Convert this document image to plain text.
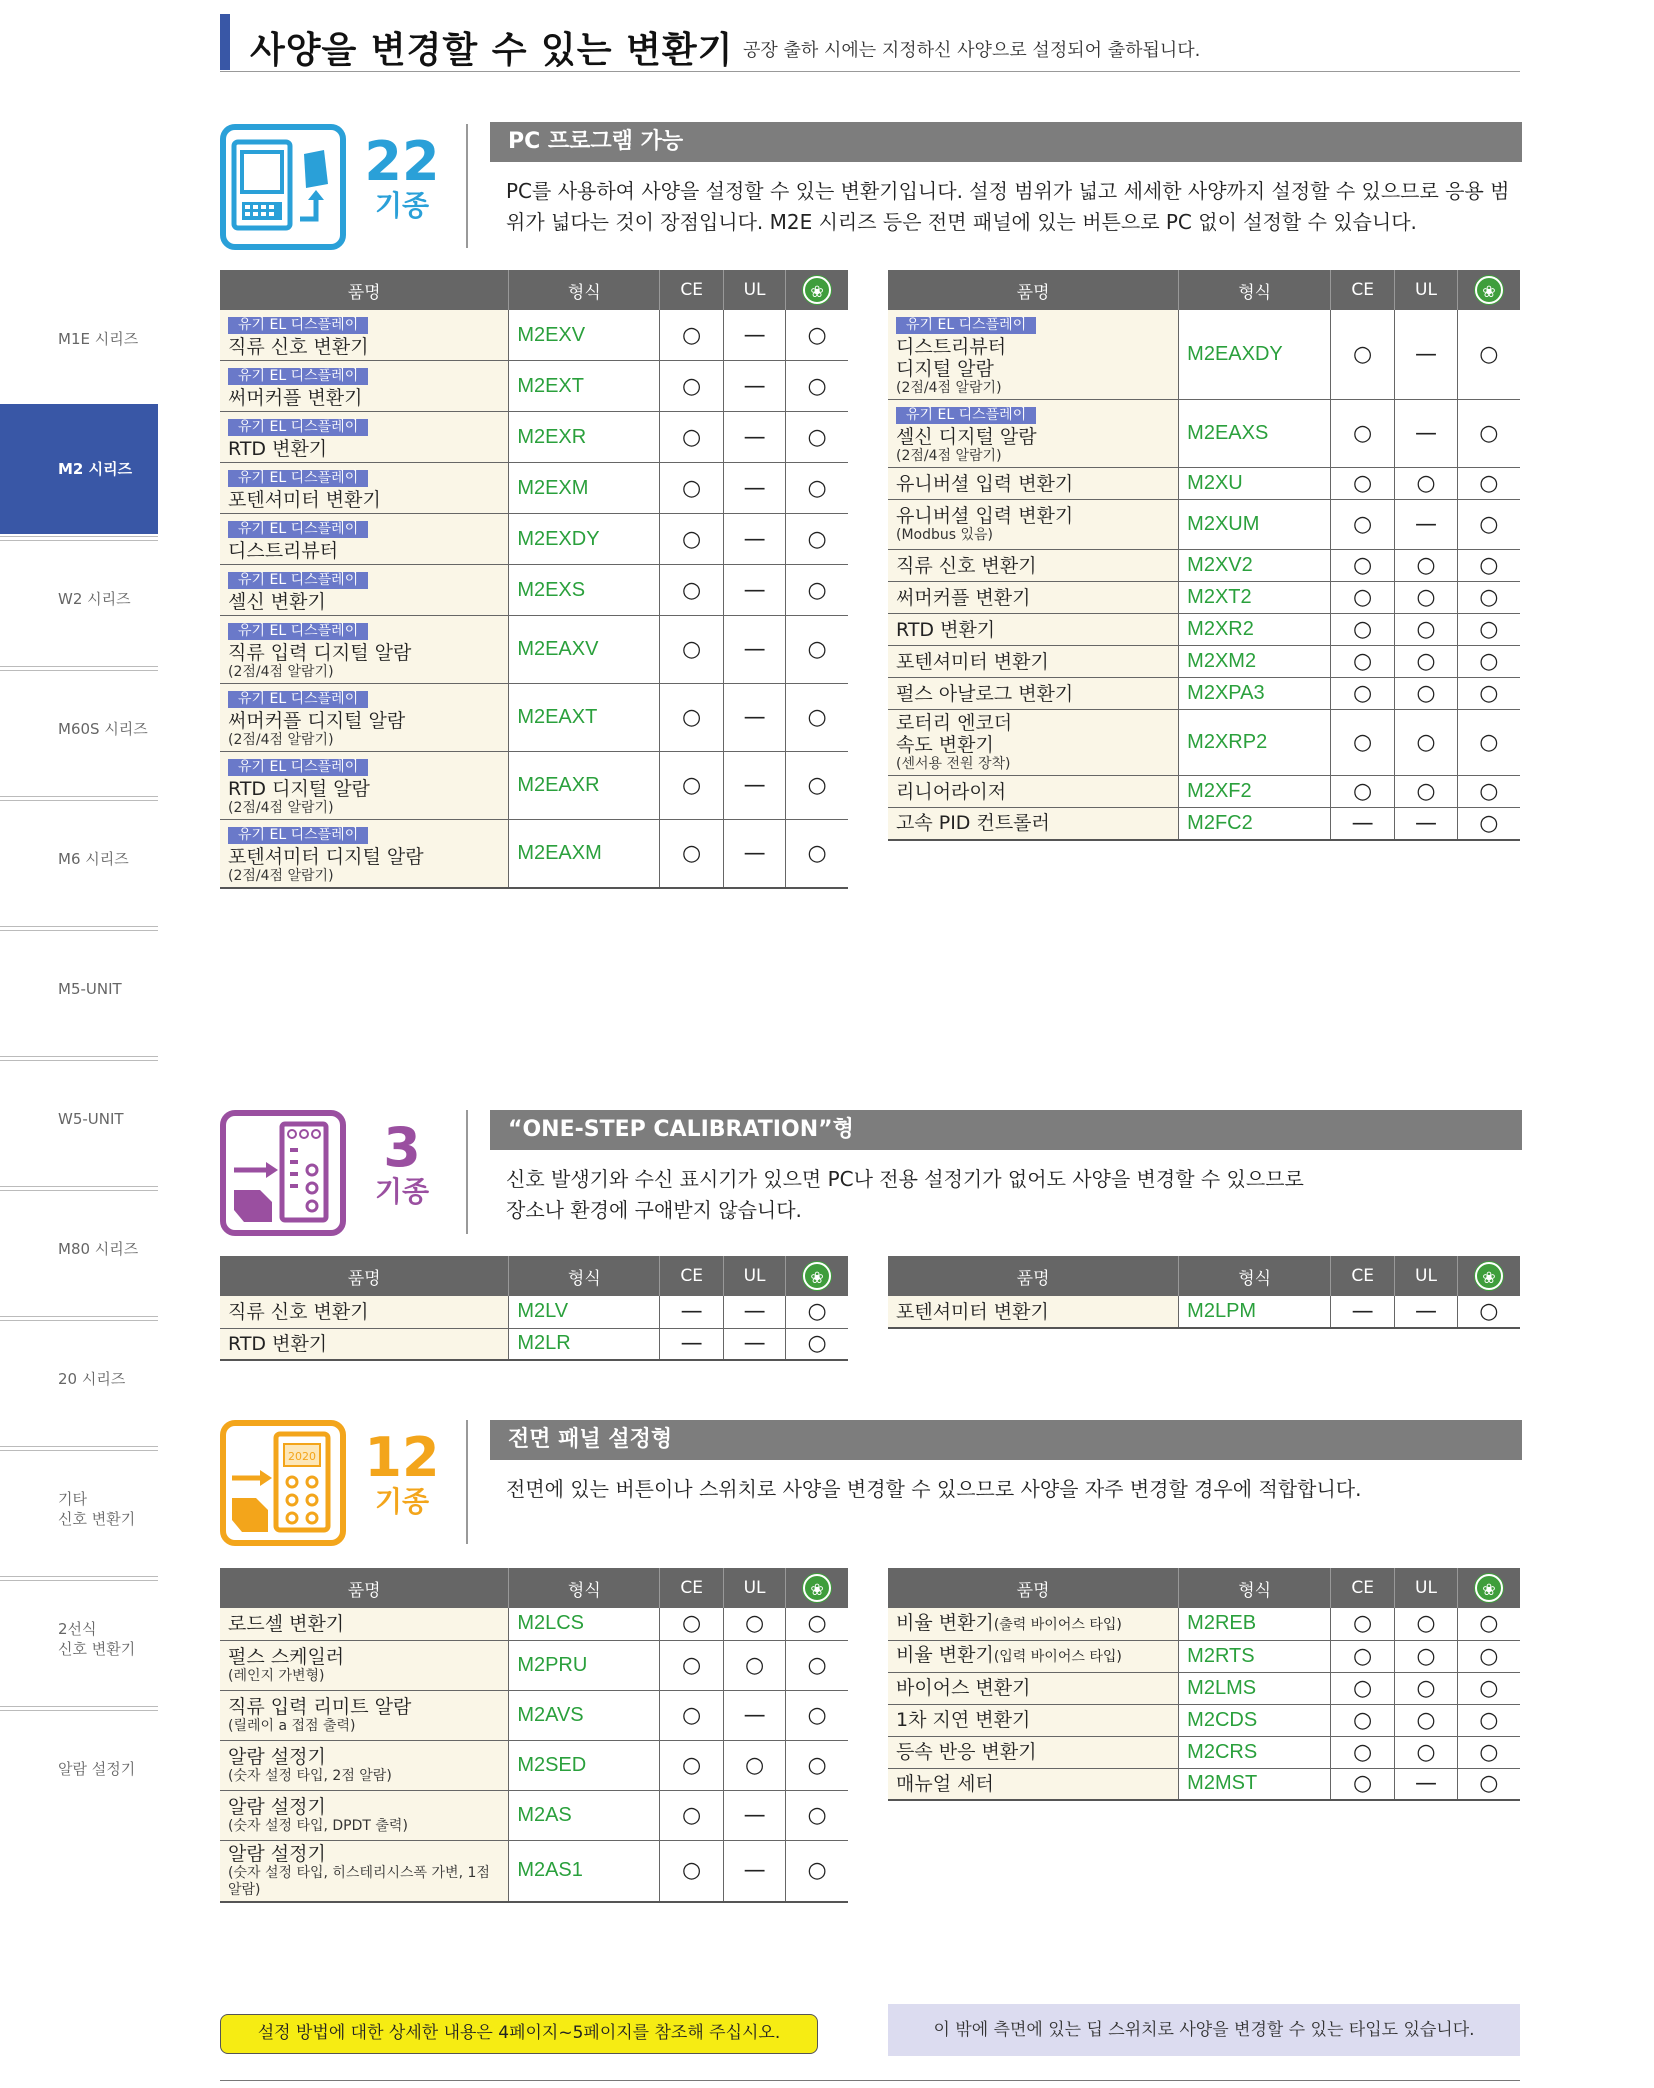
M1E 시리즈
M2 시리즈
W2 시리즈
M60S 시리즈
M6 시리즈
M5-UNIT
W5-UNIT
M80 시리즈
20 시리즈
기타
신호 변환기
2선식
신호 변환기
알람 설정기
사양을 변경할 수 있는 변환기 공장 출하 시에는 지정하신 사양으로 설정되어 출하됩니다.
22
기종
PC 프로그램 가능
PC를 사용하여 사양을 설정할 수 있는 변환기입니다. 설정 범위가 넓고 세세한 사양까지 설정할 수 있으므로 응용 범위가 넓다는 것이 장점입니다. M2E 시리즈 등은 전면 패널에 있는 버튼으로 PC 없이 설정할 수 있습니다.
품명	형식	CE	UL	❀
유기 EL 디스플레이
직류 신호 변환기	M2EXV	○	—	○
유기 EL 디스플레이
써머커플 변환기	M2EXT	○	—	○
유기 EL 디스플레이
RTD 변환기	M2EXR	○	—	○
유기 EL 디스플레이
포텐셔미터 변환기	M2EXM	○	—	○
유기 EL 디스플레이
디스트리뷰터	M2EXDY	○	—	○
유기 EL 디스플레이
셀신 변환기	M2EXS	○	—	○
유기 EL 디스플레이
직류 입력 디지털 알람
(2점/4점 알람기)	M2EAXV	○	—	○
유기 EL 디스플레이
써머커플 디지털 알람
(2점/4점 알람기)	M2EAXT	○	—	○
유기 EL 디스플레이
RTD 디지털 알람
(2점/4점 알람기)	M2EAXR	○	—	○
유기 EL 디스플레이
포텐셔미터 디지털 알람
(2점/4점 알람기)	M2EAXM	○	—	○
품명	형식	CE	UL	❀
유기 EL 디스플레이
디스트리뷰터
디지털 알람
(2점/4점 알람기)	M2EAXDY	○	—	○
유기 EL 디스플레이
셀신 디지털 알람
(2점/4점 알람기)	M2EAXS	○	—	○

유니버셜 입력 변환기	M2XU	○	○	○

유니버셜 입력 변환기
(Modbus 있음)	M2XUM	○	—	○

직류 신호 변환기	M2XV2	○	○	○

써머커플 변환기	M2XT2	○	○	○

RTD 변환기	M2XR2	○	○	○

포텐셔미터 변환기	M2XM2	○	○	○

펄스 아날로그 변환기	M2XPA3	○	○	○

로터리 엔코더
속도 변환기
(센서용 전원 장착)	M2XRP2	○	○	○

리니어라이저	M2XF2	○	○	○

고속 PID 컨트롤러	M2FC2	—	—	○
3
기종
“ONE-STEP CALIBRATION”형
신호 발생기와 수신 표시기가 있으면 PC나 전용 설정기가 없어도 사양을 변경할 수 있으므로
장소나 환경에 구애받지 않습니다.
품명	형식	CE	UL	❀

직류 신호 변환기	M2LV	—	—	○

RTD 변환기	M2LR	—	—	○
품명	형식	CE	UL	❀

포텐셔미터 변환기	M2LPM	—	—	○
2020 12
기종
전면 패널 설정형
전면에 있는 버튼이나 스위치로 사양을 변경할 수 있으므로 사양을 자주 변경할 경우에 적합합니다.
품명	형식	CE	UL	❀

로드셀 변환기	M2LCS	○	○	○

펄스 스케일러
(레인지 가변형)	M2PRU	○	○	○

직류 입력 리미트 알람
(릴레이 a 접점 출력)	M2AVS	○	—	○

알람 설정기
(숫자 설정 타입, 2점 알람)	M2SED	○	○	○

알람 설정기
(숫자 설정 타입, DPDT 출력)	M2AS	○	—	○

알람 설정기
(숫자 설정 타입, 히스테리시스폭 가변, 1점 알람)	M2AS1	○	—	○
품명	형식	CE	UL	❀

비율 변환기(출력 바이어스 타입)	M2REB	○	○	○

비율 변환기(입력 바이어스 타입)	M2RTS	○	○	○

바이어스 변환기	M2LMS	○	○	○

1차 지연 변환기	M2CDS	○	○	○

등속 반응 변환기	M2CRS	○	○	○

매뉴얼 세터	M2MST	○	—	○
설정 방법에 대한 상세한 내용은 4페이지~5페이지를 참조해 주십시오.	이 밖에 측면에 있는 딥 스위치로 사양을 변경할 수 있는 타입도 있습니다.
